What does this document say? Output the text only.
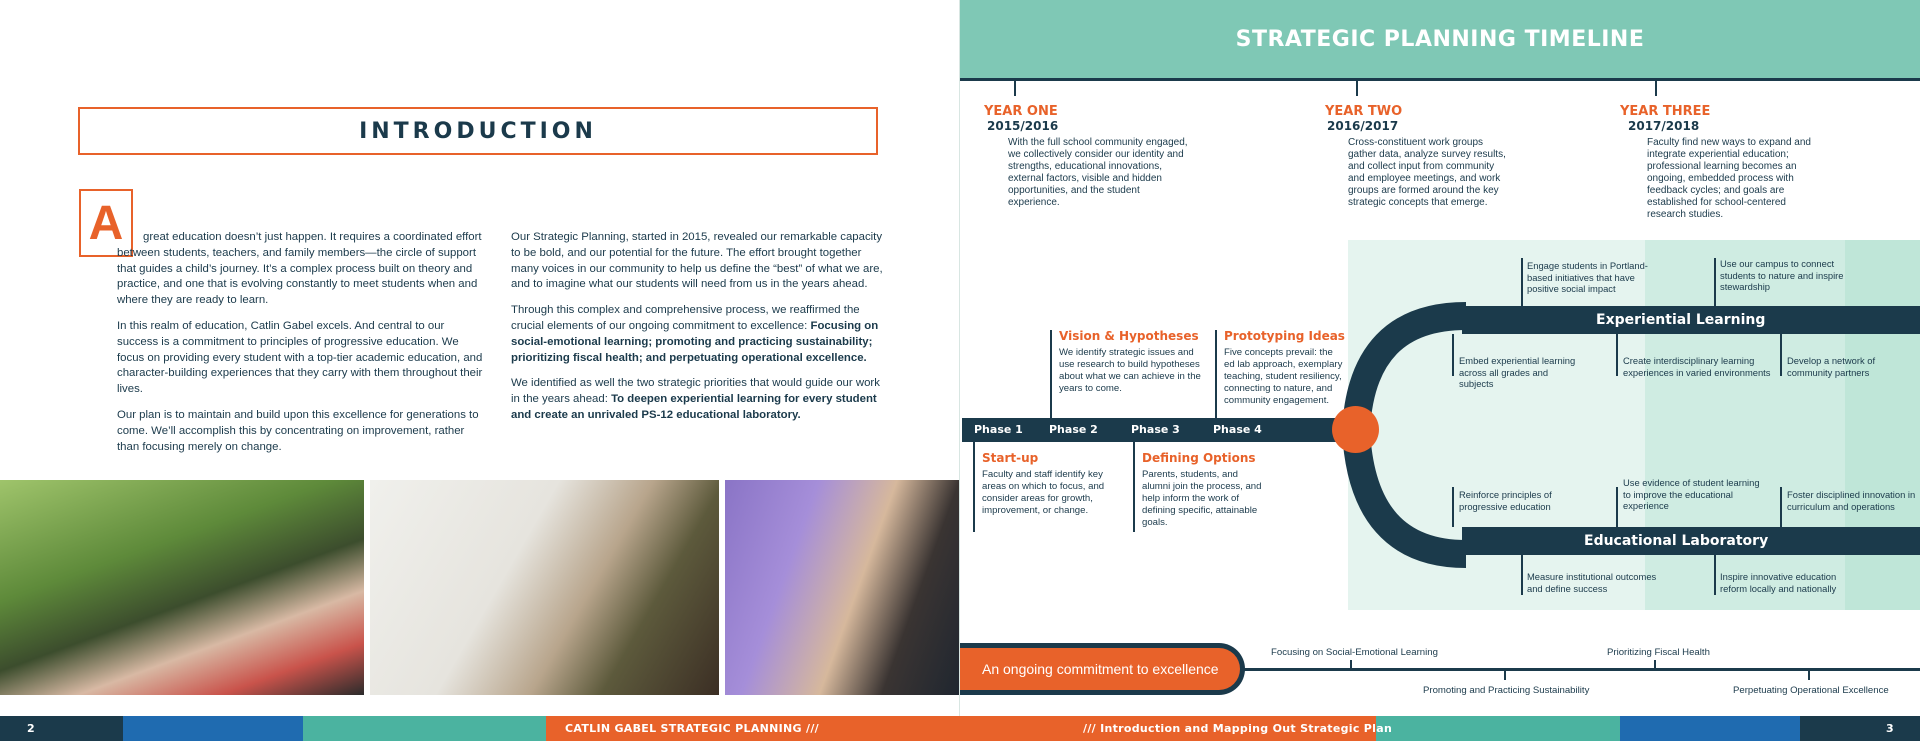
INTRODUCTION
A	great education doesn’t just happen. It requires a coordinated effort between students, teachers, and family members—the circle of support that guides a child’s journey. It’s a complex process built on theory and practice, and one that is evolving constantly to meet students when and where they are ready to learn.

In this realm of education, Catlin Gabel excels. And central to our success is a commitment to principles of progressive education. We focus on providing every student with a top-tier academic education, and character-building experiences that they carry with them throughout their lives.

Our plan is to maintain and build upon this excellence for generations to come. We’ll accomplish this by concentrating on improvement, rather than focusing merely on change.

Our Strategic Planning, started in 2015, revealed our remarkable capacity to be bold, and our potential for the future. The effort brought together many voices in our community to help us define the “best” of what we are, and to imagine what our students will need from us in the years ahead.

Through this complex and comprehensive process, we reaffirmed the crucial elements of our ongoing commitment to excellence: Focusing on social-emotional learning; promoting and practicing sustainability; prioritizing fiscal health; and perpetuating operational excellence.

We identified as well the two strategic priorities that would guide our work in the years ahead: To deepen experiential learning for every student and create an unrivaled PS-12 educational laboratory.

STRATEGIC PLANNING TIMELINE
YEAR ONE
2015/2016
With the full school community engaged, we collectively consider our identity and strengths, educational innovations, external factors, visible and hidden opportunities, and the student experience.
YEAR TWO
2016/2017
Cross-constituent work groups gather data, analyze survey results, and collect input from community and employee meetings, and work groups are formed around the key strategic concepts that emerge.
YEAR THREE
2017/2018
Faculty find new ways to expand and integrate experiential education; professional learning becomes an ongoing, embedded process with feedback cycles; and goals are established for school-centered research studies.
Experiential Learning
Engage students in Portland-based initiatives that have positive social impact
Use our campus to connect students to nature and inspire stewardship
Embed experiential learning across all grades and subjects
Create interdisciplinary learning experiences in varied environments
Develop a network of community partners
Educational Laboratory
Reinforce principles of progressive education
Use evidence of student learning to improve the educational experience
Foster disciplined innovation in curriculum and operations
Measure institutional outcomes and define success
Inspire innovative education reform locally and nationally
Phase 1 Phase 2	Phase 3	Phase 4
Vision & Hypotheses
We identify strategic issues and use research to build hypotheses about what we can achieve in the years to come.
Prototyping Ideas
Five concepts prevail: the ed lab approach, exemplary teaching, student resiliency, connecting to nature, and community engagement.
Start-up
Faculty and staff identify key areas on which to focus, and consider areas for growth, improvement, or change.
Defining Options
Parents, students, and alumni join the process, and help inform the work of defining specific, attainable goals.
An ongoing commitment to excellence
Focusing on Social-Emotional Learning
Promoting and Practicing Sustainability
Prioritizing Fiscal Health
Perpetuating Operational Excellence
2	3
CATLIN GABEL STRATEGIC PLANNING ///	/// Introduction and Mapping Out Strategic Plan
